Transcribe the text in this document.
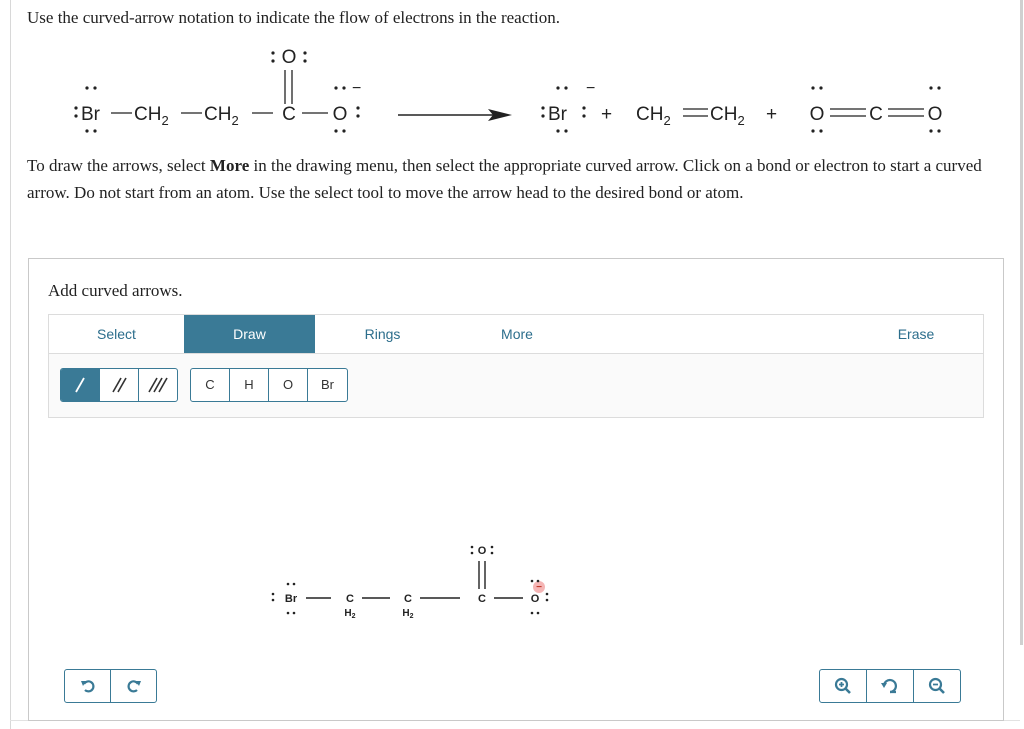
Use the curved-arrow notation to indicate the flow of electrons in the reaction.
O
Br $CH_2$ $CH_2$ C O
−
Br
−
+ $CH_2$ $CH_2 + O$ C O
To draw the arrows, select More in the drawing menu, then select the appropriate curved arrow. Click on a bond or electron to start a curved arrow. Do not start from an atom. Use the select tool to move the arrow head to the desired bond or atom.
Add curved arrows.
Select	Draw	Rings	More	Erase
C	H	O	Br
O
Br	C
$H_2$
C
$H_2$
C
−
O
